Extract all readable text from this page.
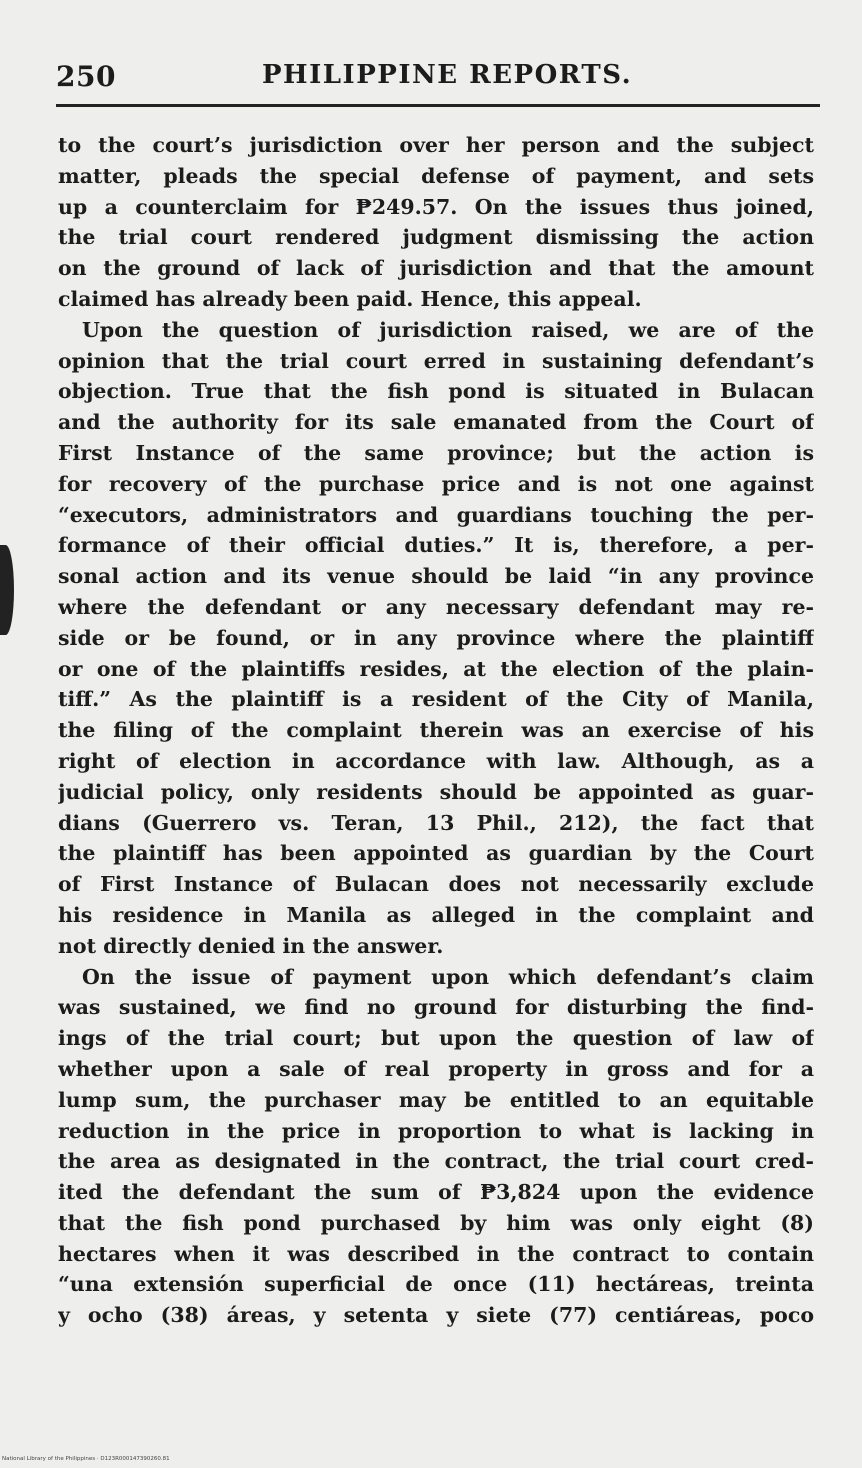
250	PHILIPPINE REPORTS.
to the court’s jurisdiction over her person and the subject
matter, pleads the special defense of payment, and sets
up a counterclaim for ₱249.57. On the issues thus joined,
the trial court rendered judgment dismissing the action
on the ground of lack of jurisdiction and that the amount
claimed has already been paid. Hence, this appeal.
Upon the question of jurisdiction raised, we are of the
opinion that the trial court erred in sustaining defendant’s
objection. True that the fish pond is situated in Bulacan
and the authority for its sale emanated from the Court of
First Instance of the same province; but the action is
for recovery of the purchase price and is not one against
“executors, administrators and guardians touching the per-
formance of their official duties.” It is, therefore, a per-
sonal action and its venue should be laid “in any province
where the defendant or any necessary defendant may re-
side or be found, or in any province where the plaintiff
or one of the plaintiffs resides, at the election of the plain-
tiff.” As the plaintiff is a resident of the City of Manila,
the filing of the complaint therein was an exercise of his
right of election in accordance with law. Although, as a
judicial policy, only residents should be appointed as guar-
dians (Guerrero vs. Teran, 13 Phil., 212), the fact that
the plaintiff has been appointed as guardian by the Court
of First Instance of Bulacan does not necessarily exclude
his residence in Manila as alleged in the complaint and
not directly denied in the answer.
On the issue of payment upon which defendant’s claim
was sustained, we find no ground for disturbing the find-
ings of the trial court; but upon the question of law of
whether upon a sale of real property in gross and for a
lump sum, the purchaser may be entitled to an equitable
reduction in the price in proportion to what is lacking in
the area as designated in the contract, the trial court cred-
ited the defendant the sum of ₱3,824 upon the evidence
that the fish pond purchased by him was only eight (8)
hectares when it was described in the contract to contain
“una extensión superficial de once (11) hectáreas, treinta
y ocho (38) áreas, y setenta y siete (77) centiáreas, poco
National Library of the Philippines · D123R000147390260.81
